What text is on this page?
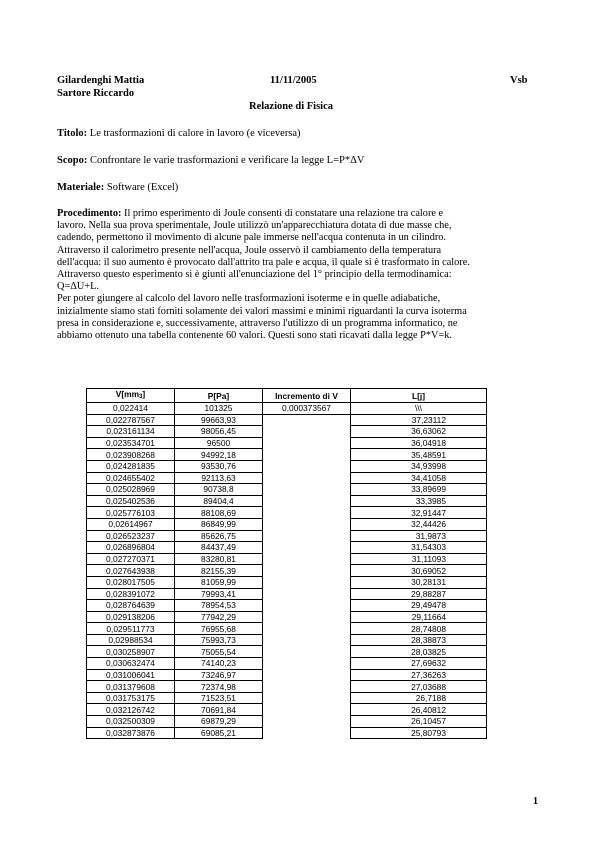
Gilardenghi Mattia	11/11/2005	Vsb
Sartore Riccardo
Relazione di Fisica
Titolo: Le trasformazioni di calore in lavoro (e viceversa)
Scopo: Confrontare le varie trasformazioni e verificare la legge L=P*ΔV
Materiale: Software (Excel)
Procedimento: Il primo esperimento di Joule consentì di constatare una relazione tra calore e
lavoro. Nella sua prova sperimentale, Joule utilizzò un'apparecchiatura dotata di due masse che,
cadendo, permettono il movimento di alcune pale immerse nell'acqua contenuta in un cilindro.
Attraverso il calorimetro presente nell'acqua, Joule osservò il cambiamento della temperatura
dell'acqua: il suo aumento è provocato dall'attrito tra pale e acqua, il quale si è trasformato in calore.
Attraverso questo esperimento si è giunti all'enunciazione del 1° principio della termodinamica:
Q=ΔU+L.
Per poter giungere al calcolo del lavoro nelle trasformazioni isoterme e in quelle adiabatiche,
inizialmente siamo stati forniti solamente dei valori massimi e minimi riguardanti la curva isoterma
presa in considerazione e, successivamente, attraverso l'utilizzo di un programma informatico, ne
abbiamo ottenuto una tabella contenente 60 valori. Questi sono stati ricavati dalla legge P*V=k.
V[mm3]	P[Pa]	Incremento di V	L[j]
0,022414	101325	0,000373567	\\\
0,022787567	99663,93		37,23112
0,023161134	98056,45		36,63062
0,023534701	96500		36,04918
0,023908268	94992,18		35,48591
0,024281835	93530,76		34,93998
0,024655402	92113,63		34,41058
0,025028969	90738,8		33,89699
0,025402536	89404,4		33,3985
0,025776103	88108,69		32,91447
0,02614967	86849,99		32,44426
0,026523237	85626,75		31,9873
0,026896804	84437,49		31,54303
0,027270371	83280,81		31,11093
0,027643938	82155,39		30,69052
0,028017505	81059,99		30,28131
0,028391072	79993,41		29,88287
0,028764639	78954,53		29,49478
0,029138206	77942,29		29,11664
0,029511773	76955,68		28,74808
0,02988534	75993,73		28,38873
0,030258907	75055,54		28,03825
0,030632474	74140,23		27,69632
0,031006041	73246,97		27,36263
0,031379608	72374,98		27,03688
0,031753175	71523,51		26,7188
0,032126742	70691,84		26,40812
0,032500309	69879,29		26,10457
0,032873876	69085,21		25,80793
1
